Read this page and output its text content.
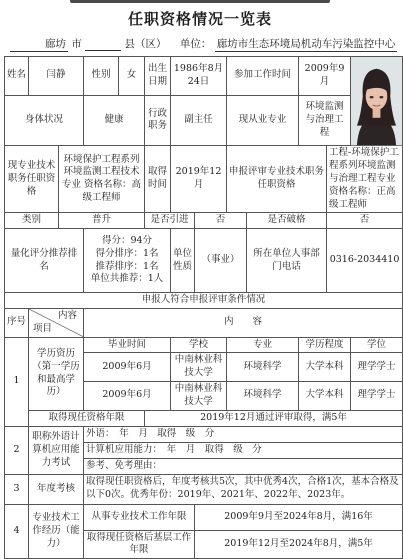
任职资格情况一览表
廊坊 市	县（区） 单位： 廊坊市生态环境局机动车污染监控中心
姓名	闫静		性别	女	出生日期	1986年8月24日		参加工作时间		2009年9月	

身体状况			健康		行政职务	副主任		现从业专业		环境监测与治理工程		
现专业技术职务任职资格		环境保护工程系列环境监测工程技术专业 资格名称：高级工程师			取得时间	2019年12月		申报评审专业技术职务任职资格			工程-环境保护工程系列环境监测与治理工程专业 资格名称：正高级工程师	
类别		普升			是否引进		否		是否破格		否	
量化评分推荐排名			得分：94分
得分排序：1名
推荐排序：1名
单位共推荐：1人			单位性质	（事业）		所在单位人事部门电话		0316-2034410	
申报人符合申报评审条件情况												
序号	内容
项目		内　　容									

1	学历资历（第一学历和最高学历）		毕业时间			学校		专业		学历程度		学位
			2009年6月			中南林业科技大学		环境科学		大学本科		理学学士
			2009年6月			中南林业科技大学		环境科学		大学本科		理学学士
	取得现任资格年限				2019年12月通过评审取得，满5年							
2	职称外语计算机应用能力考试		外语：　年　月　取得　级　分									
			计算机应用能力：　年　月　取得　级　分									
			参考、免考理由：									
3	年度考核		取得现任职资格后，年度考核共5次，其中优秀4次，合格1次，基本合格及以下0次。优秀年份：2019年、2021年、2022年、2023年。									
4	专业技术工作经历（能力）		从事专业技术工作年限				2009年9月至2024年8月，满16年					
			取得现任资格后基层工作年限				2019年12月至2024年8月，满5年					
